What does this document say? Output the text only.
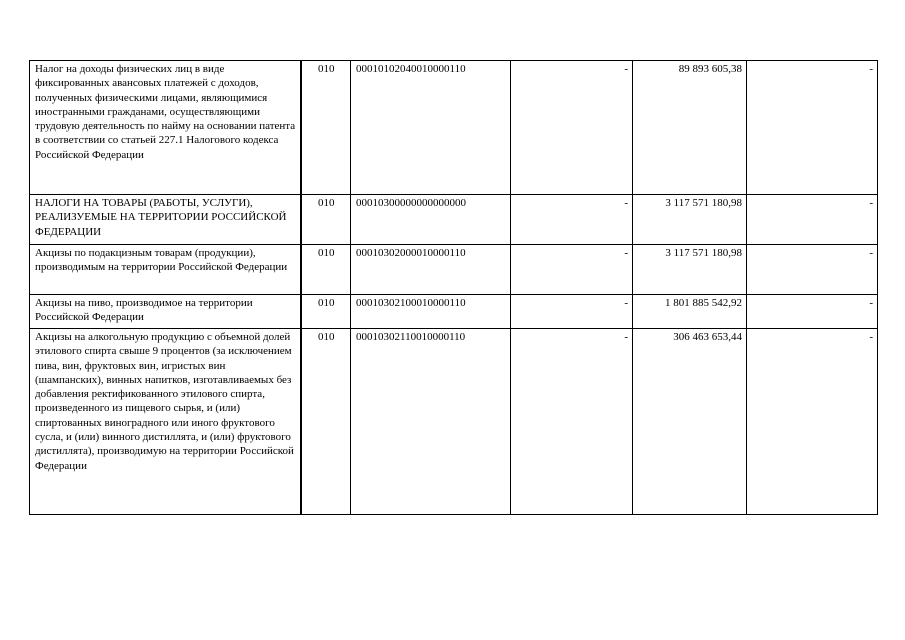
Налог на доходы физических лиц в виде фиксированных авансовых платежей с доходов, полученных физическими лицами, являющимися иностранными гражданами, осуществляющими трудовую деятельность по найму на основании патента в соответствии со статьей 227.1 Налогового кодекса Российской Федерации	010	00010102040010000110	-	89 893 605,38	-
НАЛОГИ НА ТОВАРЫ (РАБОТЫ, УСЛУГИ), РЕАЛИЗУЕМЫЕ НА ТЕРРИТОРИИ РОССИЙСКОЙ ФЕДЕРАЦИИ	010	00010300000000000000	-	3 117 571 180,98	-
Акцизы по подакцизным товарам (продукции), производимым на территории Российской Федерации	010	00010302000010000110	-	3 117 571 180,98	-
Акцизы на пиво, производимое на территории Российской Федерации	010	00010302100010000110	-	1 801 885 542,92	-
Акцизы на алкогольную продукцию с объемной долей этилового спирта свыше 9 процентов (за исключением пива, вин, фруктовых вин, игристых вин (шампанских), винных напитков, изготавливаемых без добавления ректификованного этилового спирта, произведенного из пищевого сырья, и (или) спиртованных виноградного или иного фруктового сусла, и (или) винного дистиллята, и (или) фруктового дистиллята), производимую на территории Российской Федерации	010	00010302110010000110	-	306 463 653,44	-
